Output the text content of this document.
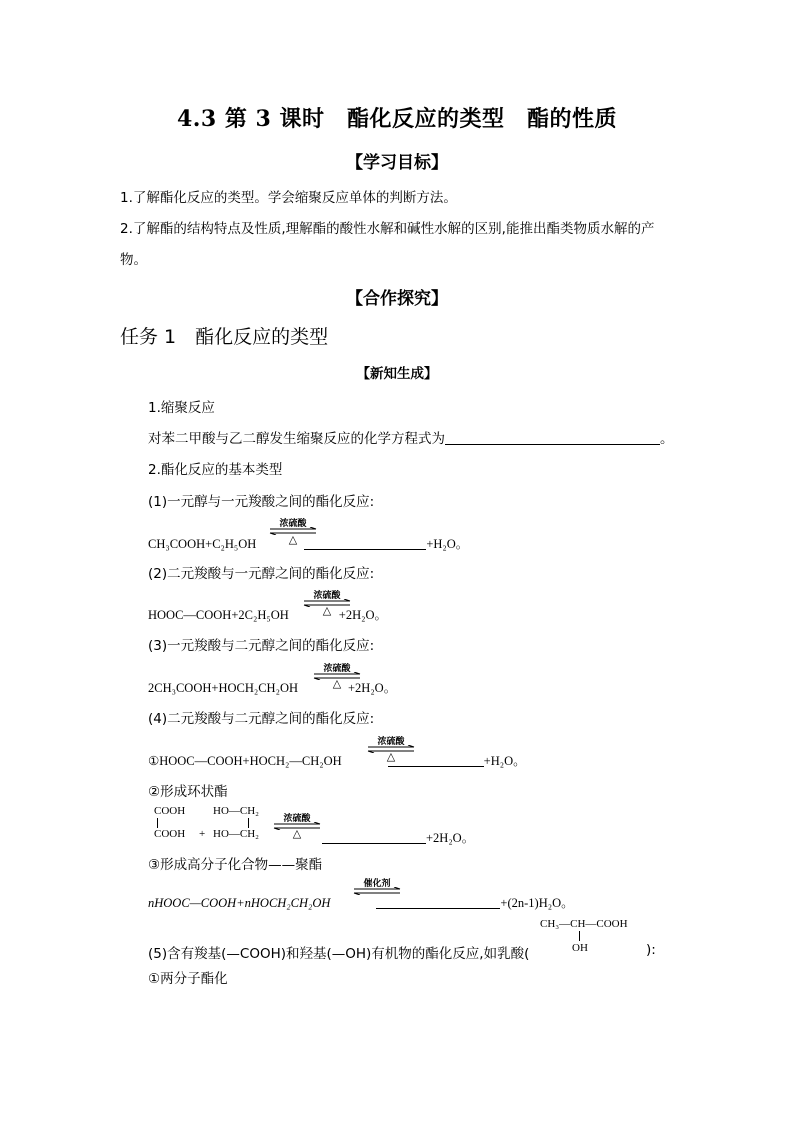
4.3 第 3 课时　酯化反应的类型　酯的性质
【学习目标】
1.了解酯化反应的类型。学会缩聚反应单体的判断方法。
2.了解酯的结构特点及性质,理解酯的酸性水解和碱性水解的区别,能推出酯类物质水解的产
物。
【合作探究】
任务 1　酯化反应的类型
【新知生成】
1.缩聚反应
对苯二甲酸与乙二醇发生缩聚反应的化学方程式为	。
2.酯化反应的基本类型
(1)一元醇与一元羧酸之间的酯化反应:
CH₃COOH+C₂H₅OH	+H₂O。
浓硫酸
△
(2)二元羧酸与一元醇之间的酯化反应:
HOOC—COOH+2C₂H₅OH	+2H₂O。
浓硫酸
△
(3)一元羧酸与二元醇之间的酯化反应:
2CH₃COOH+HOCH₂CH₂OH	+2H₂O。
浓硫酸
△
(4)二元羧酸与二元醇之间的酯化反应:
①HOOC—COOH+HOCH₂—CH₂OH	+H₂O。
浓硫酸
△
②形成环状酯
COOH
COOH +
HO—CH₂
HO—CH₂
浓硫酸
△	+2H₂O。
③形成高分子化合物——聚酯
nHOOC—COOH+nHOCH₂CH₂OH	+(2n-1)H₂O。
催化剂
CH₃—CH—COOH
OH
(5)含有羧基(—COOH)和羟基(—OH)有机物的酯化反应,如乳酸(	):
①两分子酯化
